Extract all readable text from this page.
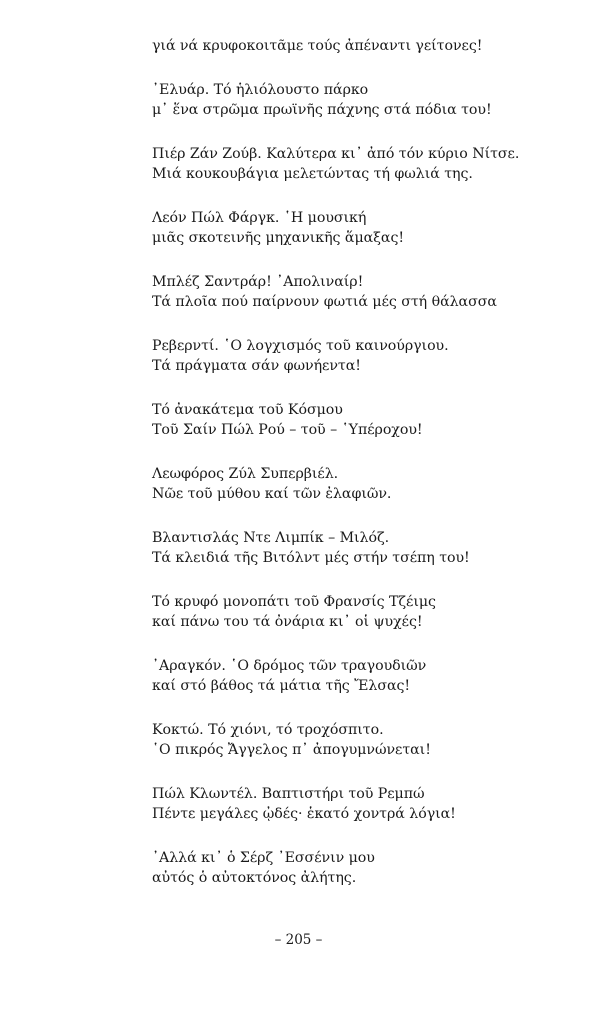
γιά νά κρυφοκοιτᾶμε τούς ἀπέναντι γείτονες!
᾿Ελυάρ. Τό ἡλιόλουστο πάρκο
μ᾿ ἕνα στρῶμα πρωϊνῆς πάχνης στά πόδια του!
Πιέρ Ζάν Ζούβ. Καλύτερα κι᾿ ἀπό τόν κύριο Νίτσε.
Μιά κουκουβάγια μελετώντας τή φωλιά της.
Λεόν Πώλ Φάργκ. ῾Η μουσική
μιᾶς σκοτεινῆς μηχανικῆς ἅμαξας!
Μπλέζ Σαντράρ! ᾿Απολιναίρ!
Τά πλοῖα πού παίρνουν φωτιά μές στή θάλασσα
Ρεβερντί. ῾Ο λογχισμός τοῦ καινούργιου.
Τά πράγματα σάν φωνήεντα!
Τό ἀνακάτεμα τοῦ Κόσμου
Τοῦ Σαίν Πώλ Ρού – τοῦ – ῾Υπέροχου!
Λεωφόρος Ζύλ Συπερβιέλ.
Νῶε τοῦ μύθου καί τῶν ἐλαφιῶν.
Βλαντισλάς Ντε Λιμπίκ – Μιλόζ.
Τά κλειδιά τῆς Βιτόλντ μές στήν τσέπη του!
Τό κρυφό μονοπάτι τοῦ Φρανσίς Τζέιμς
καί πάνω του τά ὀνάρια κι᾿ οἱ ψυχές!
᾿Αραγκόν. ῾Ο δρόμος τῶν τραγουδιῶν
καί στό βάθος τά μάτια τῆς Ἔλσας!
Κοκτώ. Τό χιόνι, τό τροχόσπιτο.
῾Ο πικρός Ἄγγελος π᾿ ἀπογυμνώνεται!
Πώλ Κλωντέλ. Βαπτιστήρι τοῦ Ρεμπώ
Πέντε μεγάλες ᾠδές· ἑκατό χοντρά λόγια!
᾿Αλλά κι᾿ ὁ Σέρζ ᾿Εσσένιν μου
αὐτός ὁ αὐτοκτόνος ἀλήτης.
– 205 –
